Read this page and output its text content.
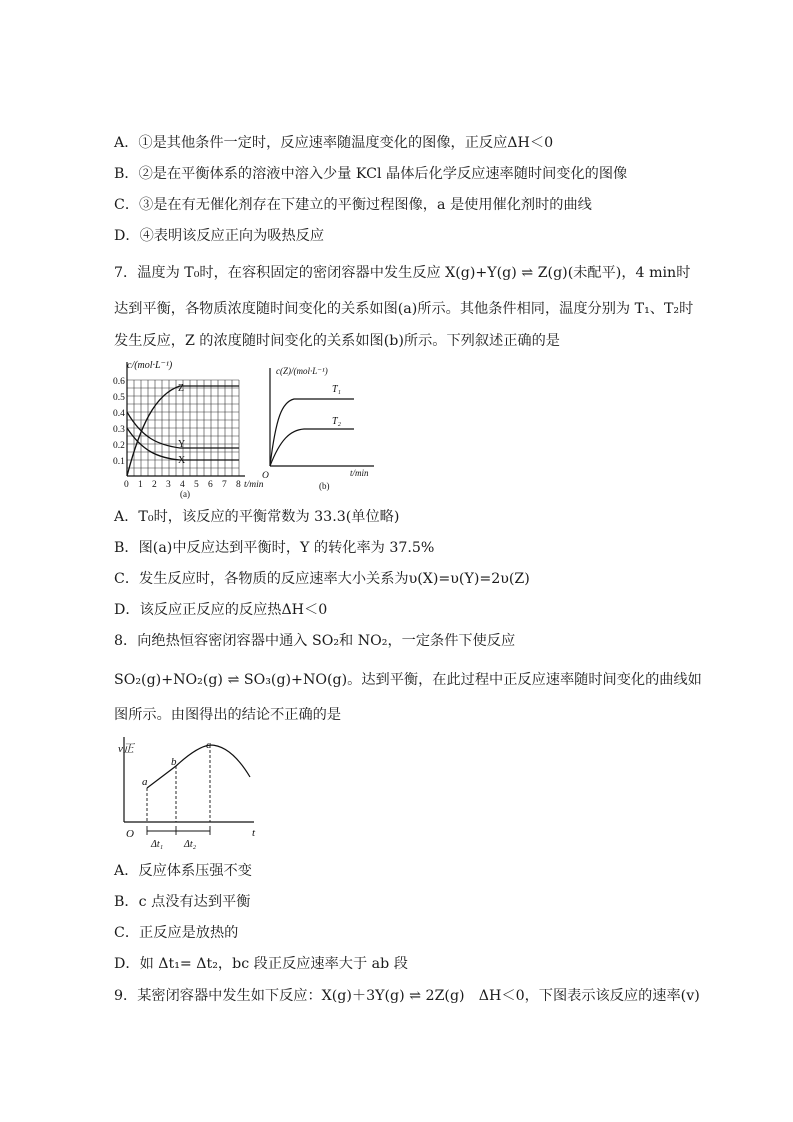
A．①是其他条件一定时，反应速率随温度变化的图像，正反应ΔH＜0
B．②是在平衡体系的溶液中溶入少量 KCl 晶体后化学反应速率随时间变化的图像
C．③是在有无催化剂存在下建立的平衡过程图像，a 是使用催化剂时的曲线
D．④表明该反应正向为吸热反应
7．温度为 T₀时，在容积固定的密闭容器中发生反应 X(g)+Y(g) ⇌ Z(g)(未配平)，4 min时
达到平衡，各物质浓度随时间变化的关系如图(a)所示。其他条件相同，温度分别为 T₁、T₂时
发生反应，Z 的浓度随时间变化的关系如图(b)所示。下列叙述正确的是
c/(mol·L⁻¹)
0.6
0.5
0.4
0.3
0.2
0.1
0 1 2 3 4 5 6 7 8 t/min
Z
Y
X
(a)
c(Z)/(mol·L⁻¹)
T₁
T₂
O	t/min
(b)
A．T₀时，该反应的平衡常数为 33.3(单位略)
B．图(a)中反应达到平衡时，Y 的转化率为 37.5%
C．发生反应时，各物质的反应速率大小关系为υ(X)=υ(Y)=2υ(Z)
D．该反应正反应的反应热ΔH＜0
8．向绝热恒容密闭容器中通入 SO₂和 NO₂，一定条件下使反应
SO₂(g)+NO₂(g) ⇌ SO₃(g)+NO(g)。达到平衡，在此过程中正反应速率随时间变化的曲线如
图所示。由图得出的结论不正确的是
v正
a
b
c
O	t
Δt₁ Δt₂
A．反应体系压强不变
B．c 点没有达到平衡
C．正反应是放热的
D．如 Δt₁= Δt₂，bc 段正反应速率大于 ab 段
9．某密闭容器中发生如下反应：X(g)＋3Y(g) ⇌ 2Z(g)　ΔH＜0，下图表示该反应的速率(v)
